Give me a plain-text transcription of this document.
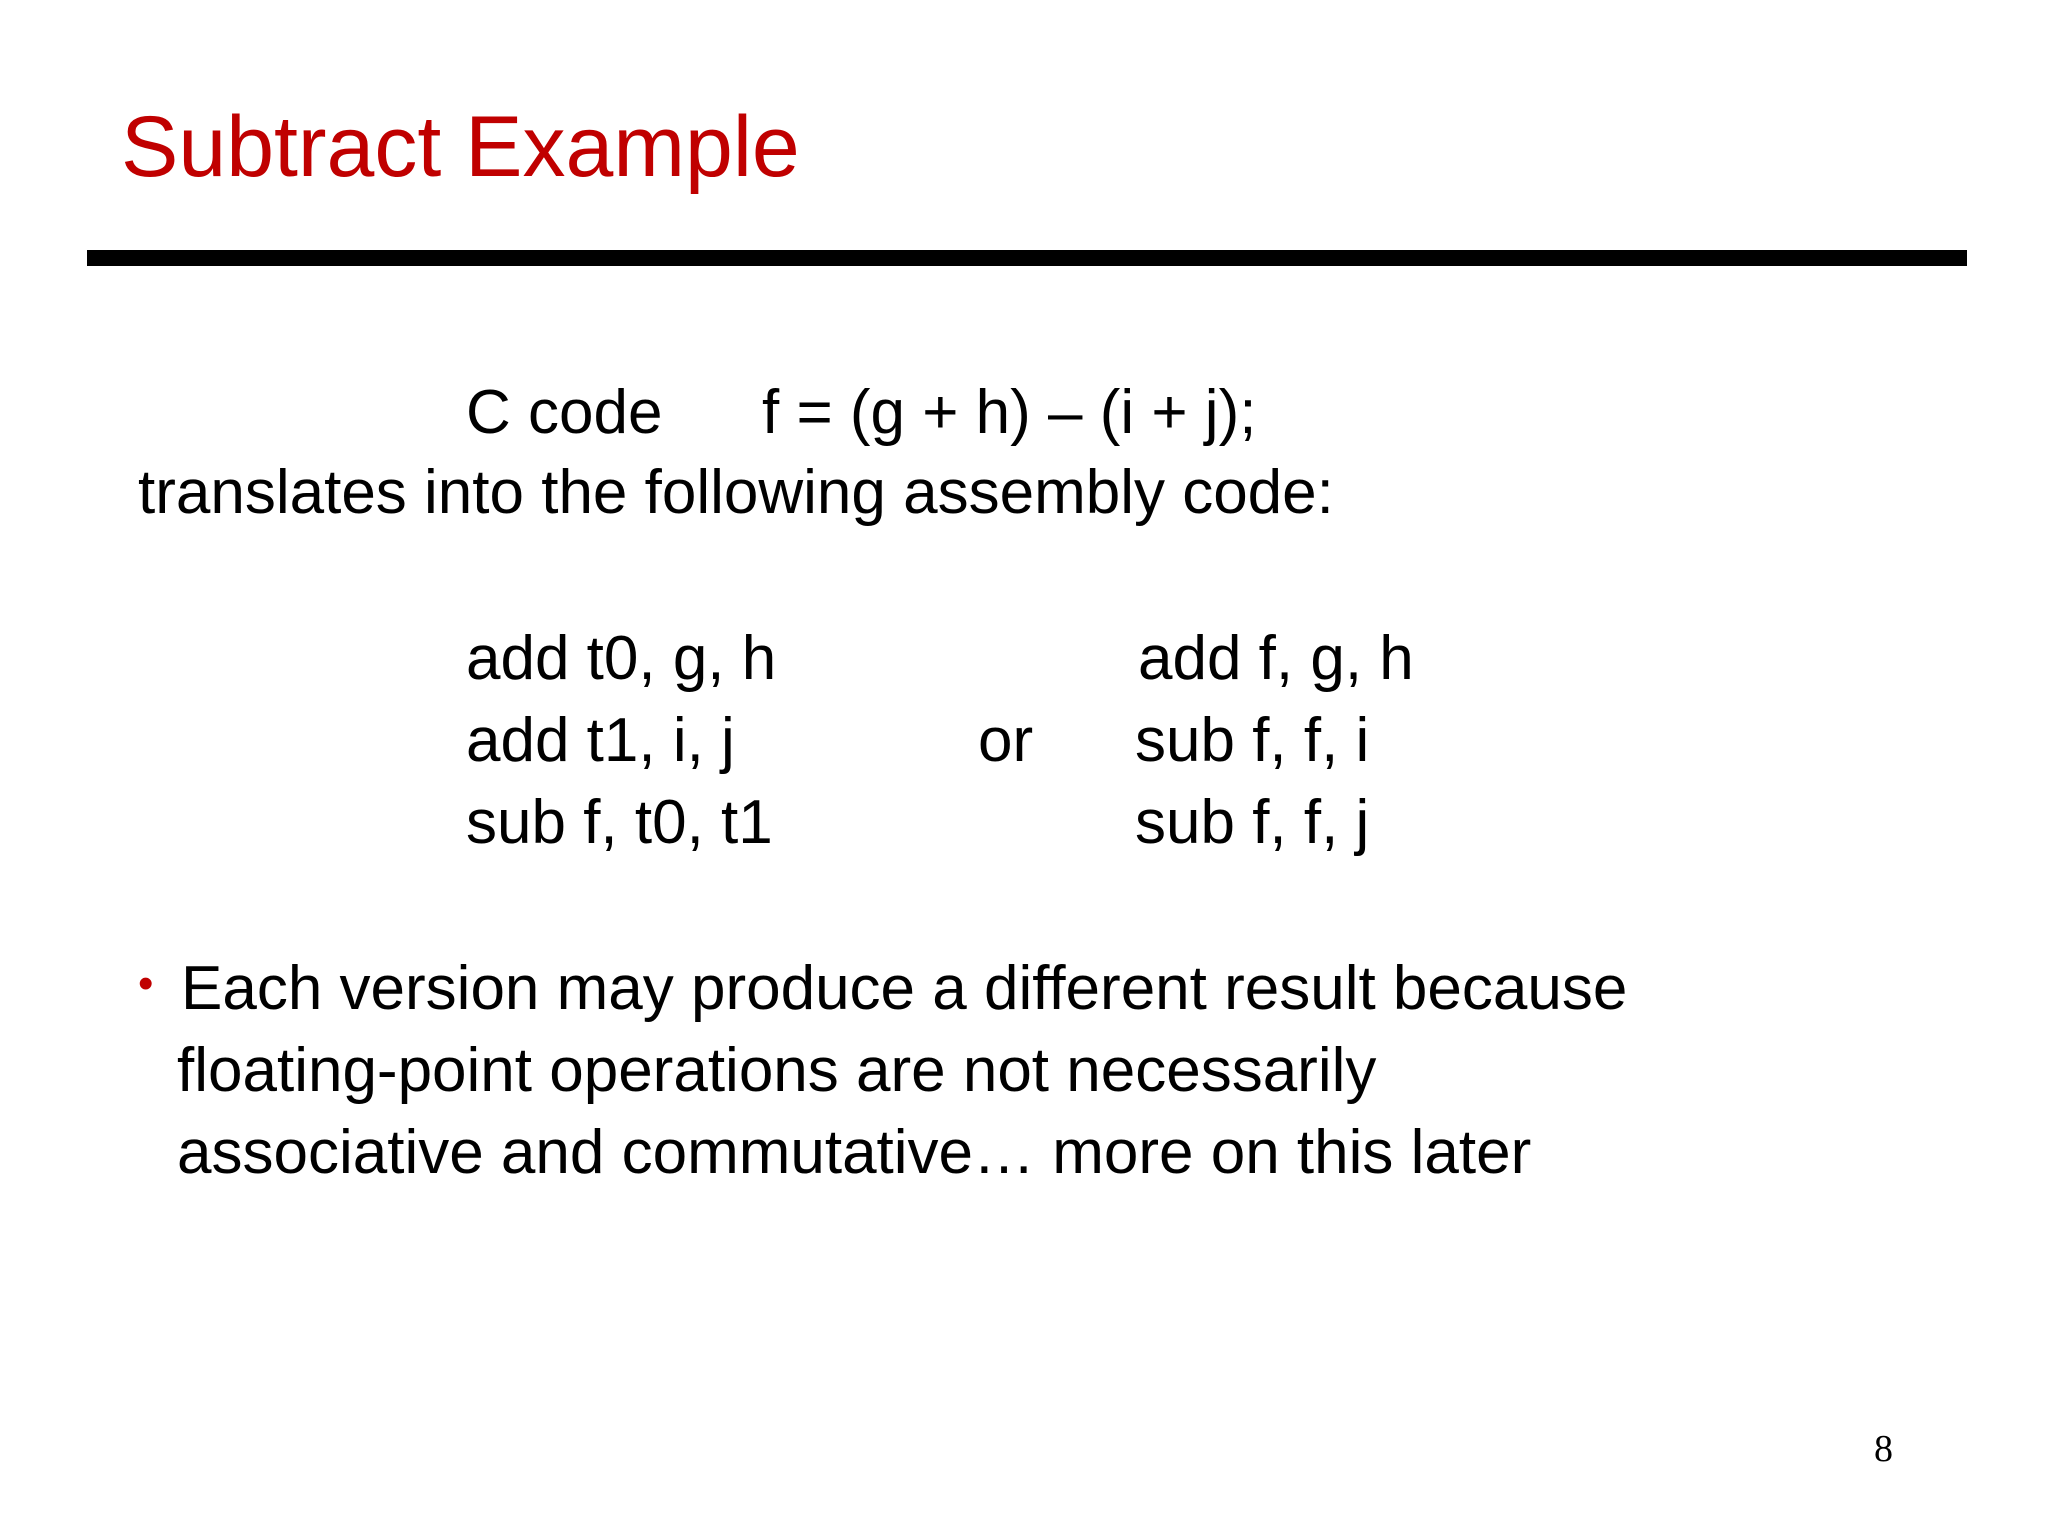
Subtract Example
C code f = (g + h) – (i + j);
translates into the following assembly code:
add t0, g, h
add t1, i, j
sub f, t0, t1
or
add f, g, h
sub f, f, i
sub f, f, j
• Each version may produce a different result because
floating-point operations are not necessarily
associative and commutative… more on this later
8
